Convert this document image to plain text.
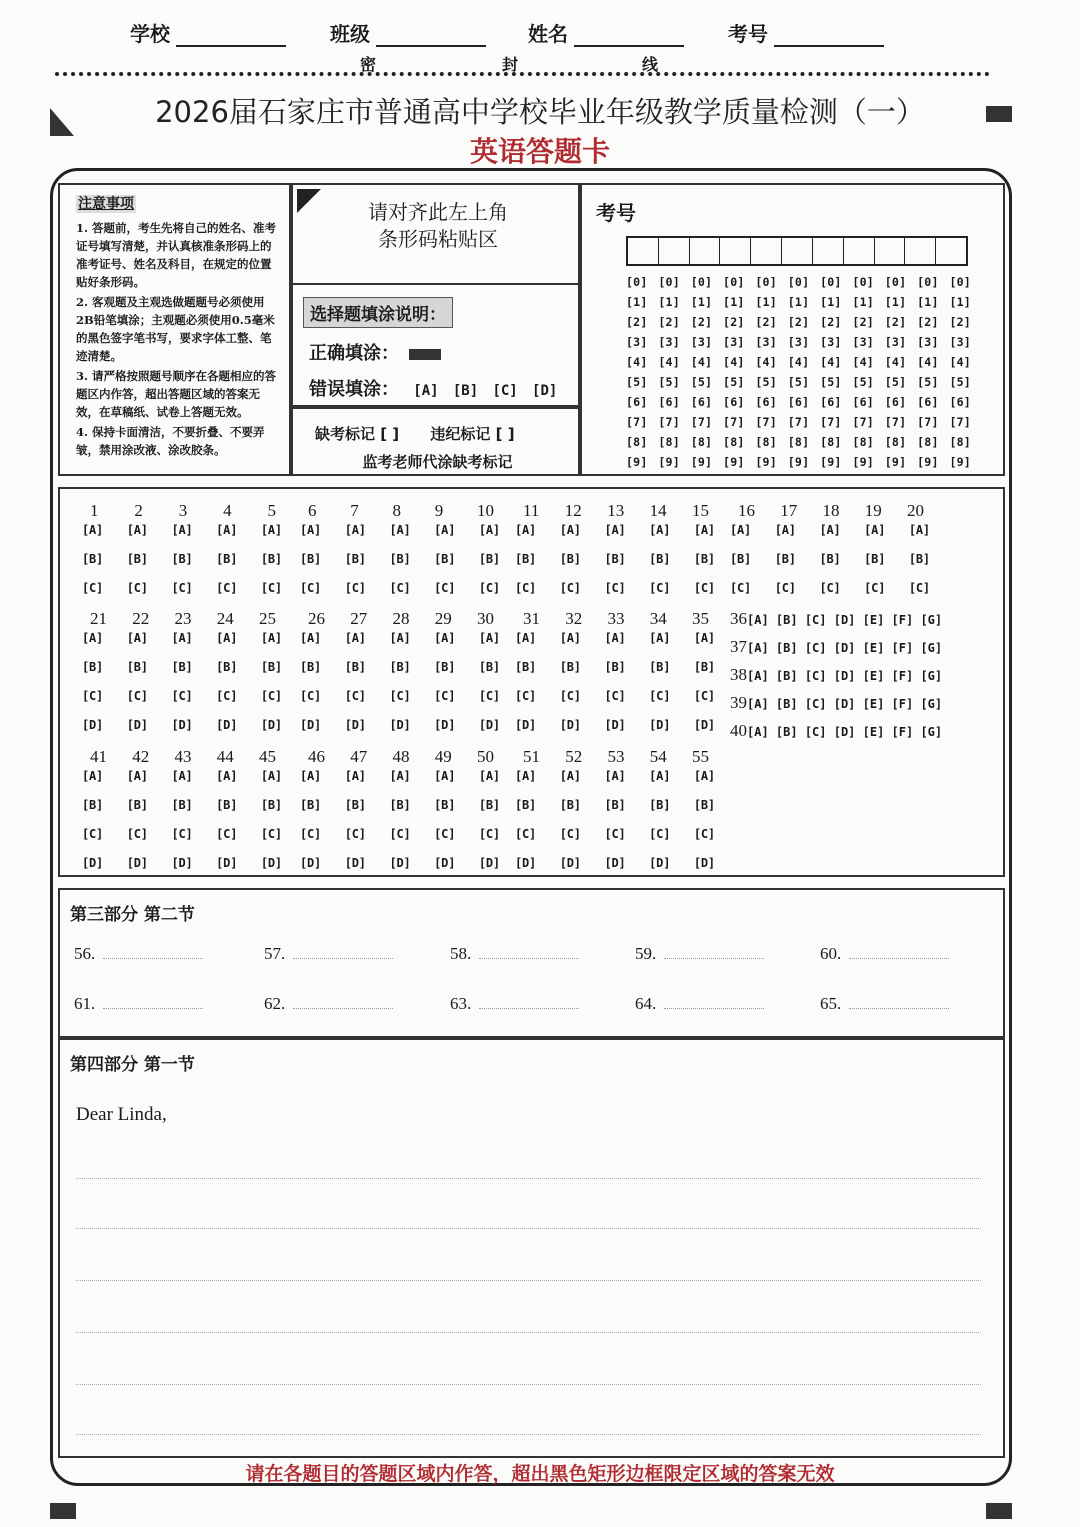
学校	班级	姓名	考号
密	封	线
2026届石家庄市普通高中学校毕业年级教学质量检测（一）
英语答题卡
注意事项

1. 答题前，考生先将自己的姓名、准考证号填写清楚，并认真核准条形码上的准考证号、姓名及科目，在规定的位置贴好条形码。

2. 客观题及主观选做题题号必须使用2B铅笔填涂；主观题必须使用0.5毫米的黑色签字笔书写，要求字体工整、笔迹清楚。

3. 请严格按照题号顺序在各题相应的答题区内作答，超出答题区域的答案无效，在草稿纸、试卷上答题无效。

4. 保持卡面清洁，不要折叠、不要弄皱，禁用涂改液、涂改胶条。

请对齐此左上角
条形码粘贴区
选择题填涂说明：
正确填涂：
错误填涂： [A] [B] [C] [D]
缺考标记 [ ] 违纪标记 [ ]
监考老师代涂缺考标记
考号
[0] [0] [0] [0] [0] [0] [0] [0] [0] [0] [0]
[1] [1] [1] [1] [1] [1] [1] [1] [1] [1] [1]
[2] [2] [2] [2] [2] [2] [2] [2] [2] [2] [2]
[3] [3] [3] [3] [3] [3] [3] [3] [3] [3] [3]
[4] [4] [4] [4] [4] [4] [4] [4] [4] [4] [4]
[5] [5] [5] [5] [5] [5] [5] [5] [5] [5] [5]
[6] [6] [6] [6] [6] [6] [6] [6] [6] [6] [6]
[7] [7] [7] [7] [7] [7] [7] [7] [7] [7] [7]
[8] [8] [8] [8] [8] [8] [8] [8] [8] [8] [8]
[9] [9] [9] [9] [9] [9] [9] [9] [9] [9] [9]
1 2 3 4 5
[A] [A] [A] [A] [A]
[B] [B] [B] [B] [B]
[C] [C] [C] [C] [C]
6 7 8 9 10
[A] [A] [A] [A] [A]
[B] [B] [B] [B] [B]
[C] [C] [C] [C] [C]
11 12 13 14 15
[A] [A] [A] [A] [A]
[B] [B] [B] [B] [B]
[C] [C] [C] [C] [C]
16 17 18 19 20
[A] [A] [A] [A] [A]
[B] [B] [B] [B] [B]
[C] [C] [C] [C] [C]
21 22 23 24 25
[A] [A] [A] [A] [A]
[B] [B] [B] [B] [B]
[C] [C] [C] [C] [C]
[D] [D] [D] [D] [D]
26 27 28 29 30
[A] [A] [A] [A] [A]
[B] [B] [B] [B] [B]
[C] [C] [C] [C] [C]
[D] [D] [D] [D] [D]
31 32 33 34 35
[A] [A] [A] [A] [A]
[B] [B] [B] [B] [B]
[C] [C] [C] [C] [C]
[D] [D] [D] [D] [D]
41 42 43 44 45
[A] [A] [A] [A] [A]
[B] [B] [B] [B] [B]
[C] [C] [C] [C] [C]
[D] [D] [D] [D] [D]
46 47 48 49 50
[A] [A] [A] [A] [A]
[B] [B] [B] [B] [B]
[C] [C] [C] [C] [C]
[D] [D] [D] [D] [D]
51 52 53 54 55
[A] [A] [A] [A] [A]
[B] [B] [B] [B] [B]
[C] [C] [C] [C] [C]
[D] [D] [D] [D] [D]
36[A] [B] [C] [D] [E] [F] [G]
37[A] [B] [C] [D] [E] [F] [G]
38[A] [B] [C] [D] [E] [F] [G]
39[A] [B] [C] [D] [E] [F] [G]
40[A] [B] [C] [D] [E] [F] [G]
第三部分 第二节
56.	57.	58.	59.	60.
61.	62.	63.	64.	65.
第四部分 第一节
Dear Linda,
请在各题目的答题区域内作答，超出黑色矩形边框限定区域的答案无效
